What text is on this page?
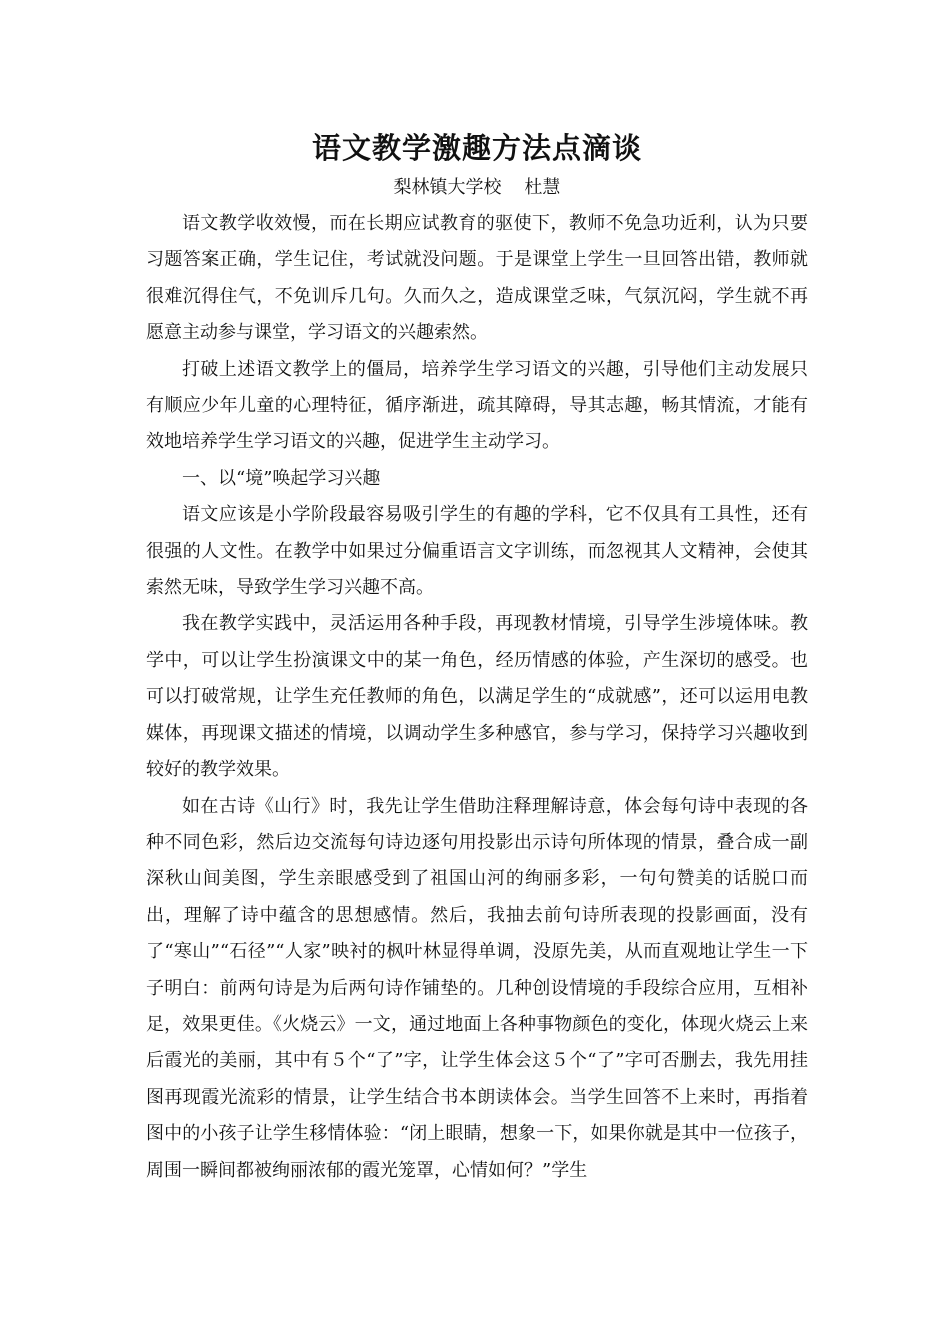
语文教学激趣方法点滴谈

梨林镇大学校    杜慧

语文教学收效慢，而在长期应试教育的驱使下，教师不免急功近利，认为只要习题答案正确，学生记住，考试就没问题。于是课堂上学生一旦回答出错，教师就很难沉得住气，不免训斥几句。久而久之，造成课堂乏味，气氛沉闷，学生就不再愿意主动参与课堂，学习语文的兴趣索然。

打破上述语文教学上的僵局，培养学生学习语文的兴趣，引导他们主动发展只有顺应少年儿童的心理特征，循序渐进，疏其障碍，导其志趣，畅其情流，才能有效地培养学生学习语文的兴趣，促进学生主动学习。

一、以“境”唤起学习兴趣

语文应该是小学阶段最容易吸引学生的有趣的学科，它不仅具有工具性，还有很强的人文性。在教学中如果过分偏重语言文字训练，而忽视其人文精神，会使其索然无味，导致学生学习兴趣不高。

我在教学实践中，灵活运用各种手段，再现教材情境，引导学生涉境体味。教学中，可以让学生扮演课文中的某一角色，经历情感的体验，产生深切的感受。也可以打破常规，让学生充任教师的角色，以满足学生的“成就感”，还可以运用电教媒体，再现课文描述的情境，以调动学生多种感官，参与学习，保持学习兴趣收到较好的教学效果。

如在古诗《山行》时，我先让学生借助注释理解诗意，体会每句诗中表现的各种不同色彩，然后边交流每句诗边逐句用投影出示诗句所体现的情景，叠合成一副深秋山间美图，学生亲眼感受到了祖国山河的绚丽多彩，一句句赞美的话脱口而出，理解了诗中蕴含的思想感情。然后，我抽去前句诗所表现的投影画面，没有了“寒山”“石径”“人家”映衬的枫叶林显得单调，没原先美，从而直观地让学生一下子明白：前两句诗是为后两句诗作铺垫的。几种创设情境的手段综合应用，互相补足，效果更佳。《火烧云》一文，通过地面上各种事物颜色的变化，体现火烧云上来后霞光的美丽，其中有５个“了”字，让学生体会这５个“了”字可否删去，我先用挂图再现霞光流彩的情景，让学生结合书本朗读体会。当学生回答不上来时，再指着图中的小孩子让学生移情体验：“闭上眼睛，想象一下，如果你就是其中一位孩子，周围一瞬间都被绚丽浓郁的霞光笼罩，心情如何？”学生
